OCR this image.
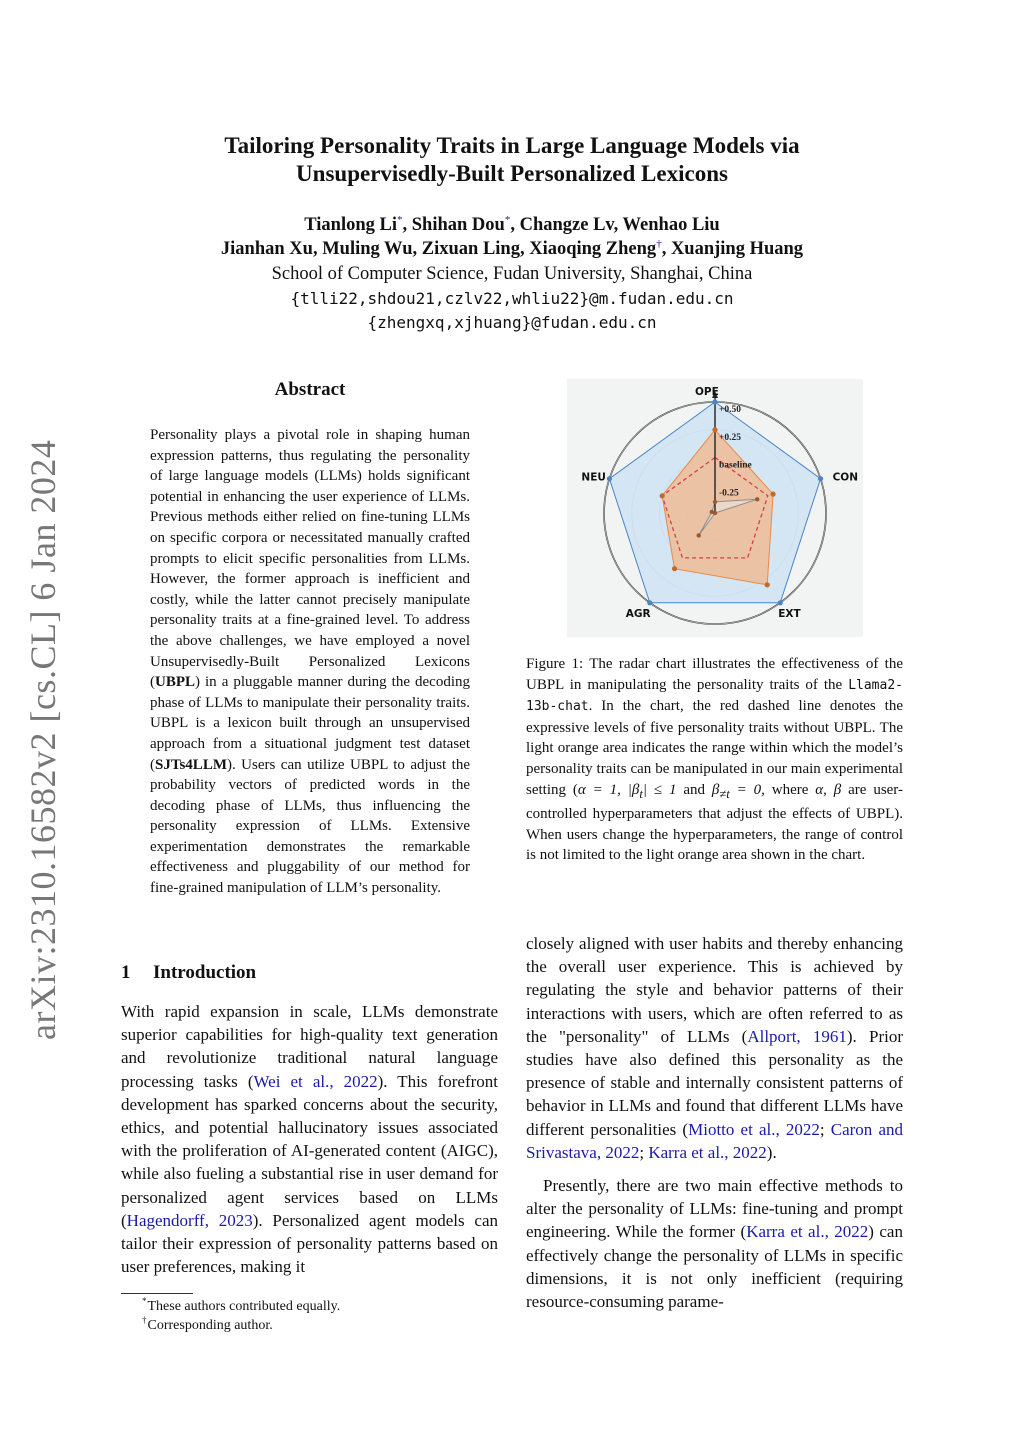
Tailoring Personality Traits in Large Language Models via
Unsupervisedly-Built Personalized Lexicons
Tianlong Li*, Shihan Dou*, Changze Lv, Wenhao Liu
Jianhan Xu, Muling Wu, Zixuan Ling, Xiaoqing Zheng†, Xuanjing Huang
School of Computer Science, Fudan University, Shanghai, China
{tlli22,shdou21,czlv22,whliu22}@m.fudan.edu.cn
{zhengxq,xjhuang}@fudan.edu.cn
arXiv:2310.16582v2 [cs.CL] 6 Jan 2024
Abstract
Personality plays a pivotal role in shaping human expression patterns, thus regulating the personality of large language models (LLMs) holds significant potential in enhancing the user experience of LLMs. Previous methods either relied on fine-tuning LLMs on specific corpora or necessitated manually crafted prompts to elicit specific personalities from LLMs. However, the former approach is inefficient and costly, while the latter cannot precisely manipulate personality traits at a fine-grained level. To address the above challenges, we have employed a novel Unsupervisedly-Built Personalized Lexicons (UBPL) in a pluggable manner during the decoding phase of LLMs to manipulate their personality traits. UBPL is a lexicon built through an unsupervised approach from a situational judgment test dataset (SJTs4LLM). Users can utilize UBPL to adjust the probability vectors of predicted words in the decoding phase of LLMs, thus influencing the personality expression of LLMs. Extensive experimentation demonstrates the remarkable effectiveness and pluggability of our method for fine-grained manipulation of LLM’s personality.
1 Introduction
With rapid expansion in scale, LLMs demonstrate superior capabilities for high-quality text generation and revolutionize traditional natural language processing tasks (Wei et al., 2022). This forefront development has sparked concerns about the security, ethics, and potential hallucinatory issues associated with the proliferation of AI-generated content (AIGC), while also fueling a substantial rise in user demand for personalized agent services based on LLMs (Hagendorff, 2023). Personalized agent models can tailor their expression of personality patterns based on user preferences, making it
*These authors contributed equally.
†Corresponding author.
-0.25
baseline
+0.25
+0.50
OPE
CON
EXT
AGR
NEU
Figure 1: The radar chart illustrates the effectiveness of the UBPL in manipulating the personality traits of the Llama2-13b-chat. In the chart, the red dashed line denotes the expressive levels of five personality traits without UBPL. The light orange area indicates the range within which the model’s personality traits can be manipulated in our main experimental setting (α = 1, $|\beta_t| \le 1$ and $\beta_{\ne t} = 0$, where α, β are user-controlled hyperparameters that adjust the effects of UBPL). When users change the hyperparameters, the range of control is not limited to the light orange area shown in the chart.

closely aligned with user habits and thereby enhancing the overall user experience. This is achieved by regulating the style and behavior patterns of their interactions with users, which are often referred to as the "personality" of LLMs (Allport, 1961). Prior studies have also defined this personality as the presence of stable and internally consistent patterns of behavior in LLMs and found that different LLMs have different personalities (Miotto et al., 2022; Caron and Srivastava, 2022; Karra et al., 2022).

Presently, there are two main effective methods to alter the personality of LLMs: fine-tuning and prompt engineering. While the former (Karra et al., 2022) can effectively change the personality of LLMs in specific dimensions, it is not only inefficient (requiring resource-consuming parame-
